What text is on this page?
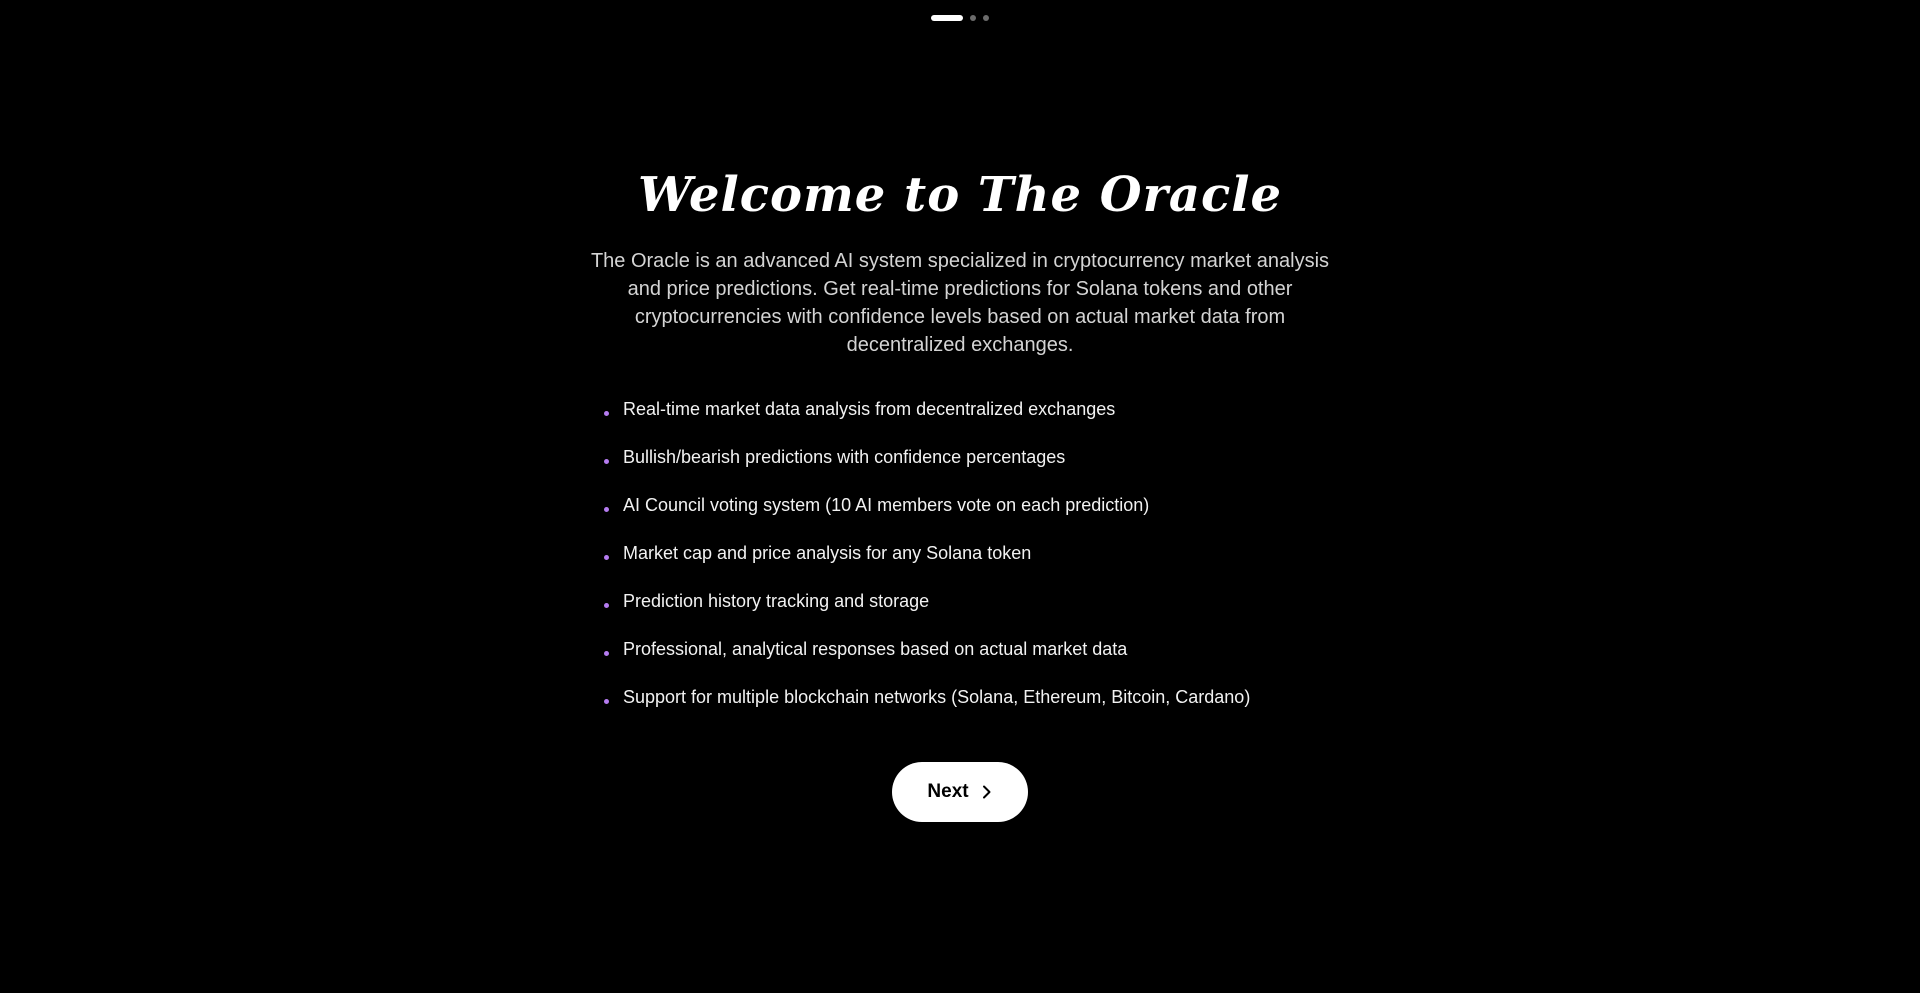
Welcome to The Oracle

The Oracle is an advanced AI system specialized in cryptocurrency market analysis and price predictions. Get real-time predictions for Solana tokens and other cryptocurrencies with confidence levels based on actual market data from decentralized exchanges.

Real-time market data analysis from decentralized exchanges
Bullish/bearish predictions with confidence percentages
AI Council voting system (10 AI members vote on each prediction)
Market cap and price analysis for any Solana token
Prediction history tracking and storage
Professional, analytical responses based on actual market data
Support for multiple blockchain networks (Solana, Ethereum, Bitcoin, Cardano)
Next
